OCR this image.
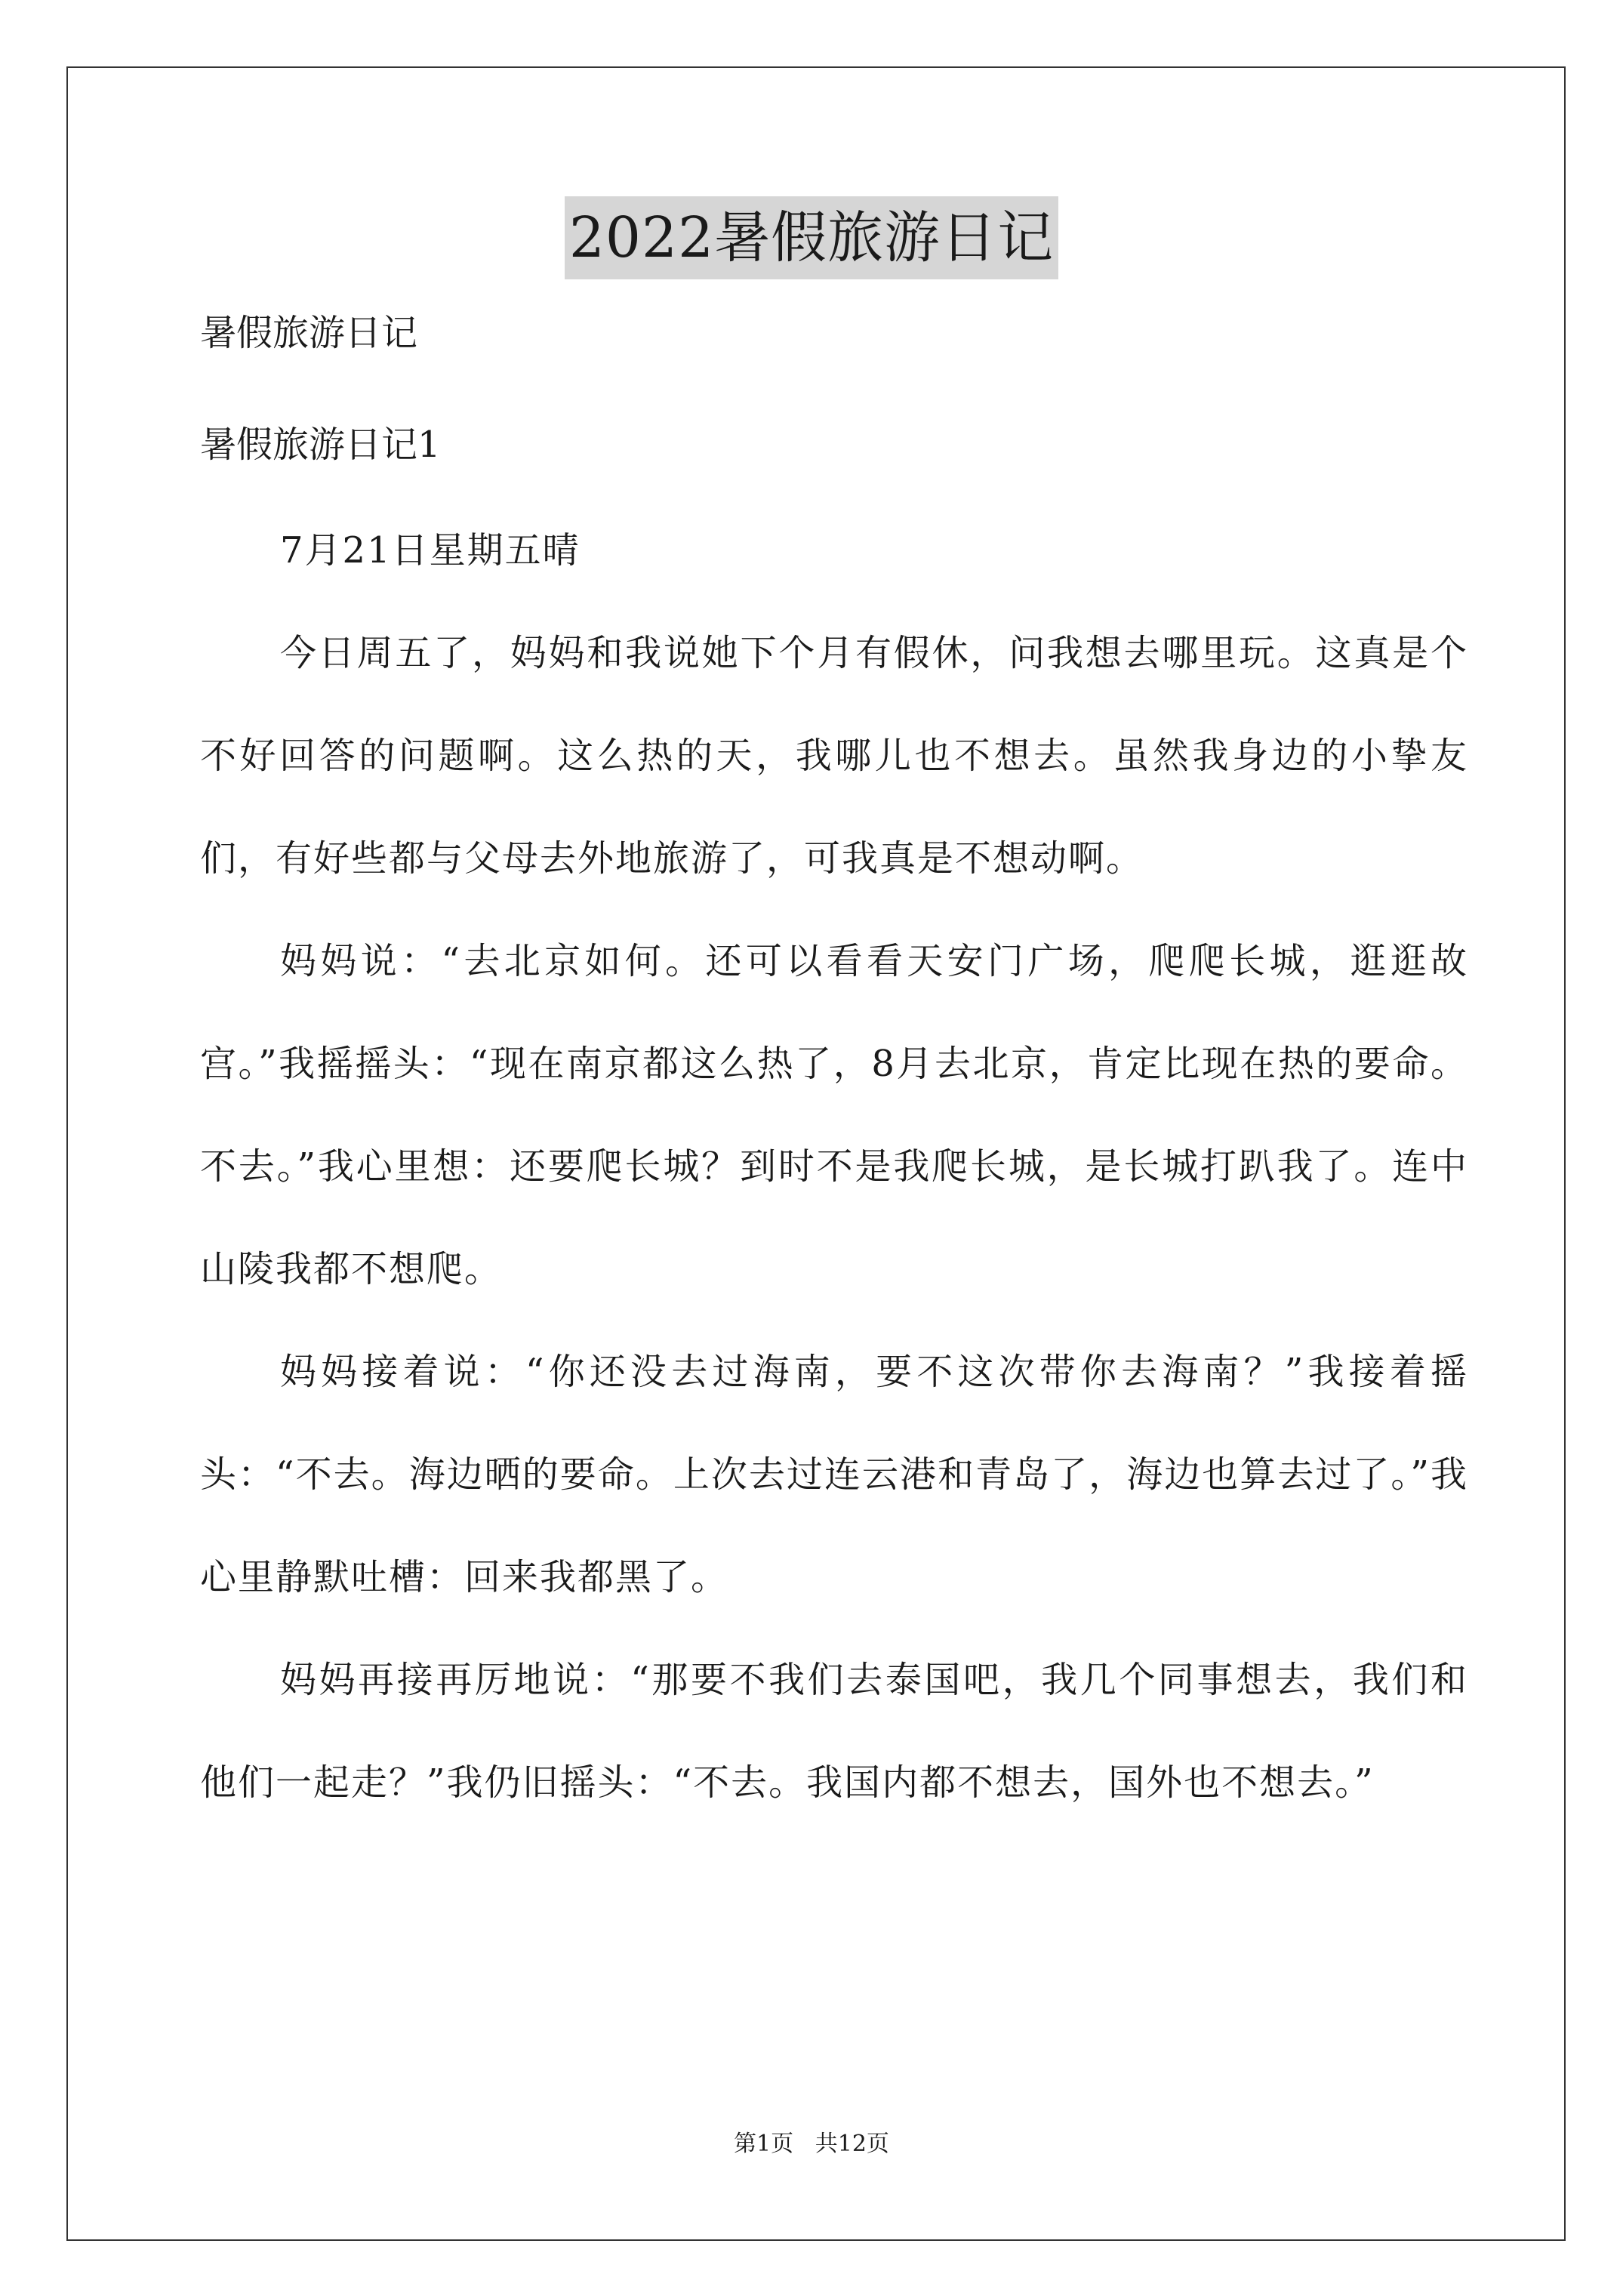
2022暑假旅游日记

暑假旅游日记

暑假旅游日记1

7月21日星期五晴

今日周五了，妈妈和我说她下个月有假休，问我想去哪里玩。这真是个不好回答的问题啊。这么热的天，我哪儿也不想去。虽然我身边的小挚友们，有好些都与父母去外地旅游了，可我真是不想动啊。

妈妈说：“去北京如何。还可以看看天安门广场，爬爬长城，逛逛故宫。”我摇摇头：“现在南京都这么热了，8月去北京，肯定比现在热的要命。不去。”我心里想：还要爬长城？到时不是我爬长城，是长城打趴我了。连中山陵我都不想爬。

妈妈接着说：“你还没去过海南，要不这次带你去海南？”我接着摇头：“不去。海边晒的要命。上次去过连云港和青岛了，海边也算去过了。”我心里静默吐槽：回来我都黑了。

妈妈再接再厉地说：“那要不我们去泰国吧，我几个同事想去，我们和他们一起走？”我仍旧摇头：“不去。我国内都不想去，国外也不想去。”

第1页   共12页
